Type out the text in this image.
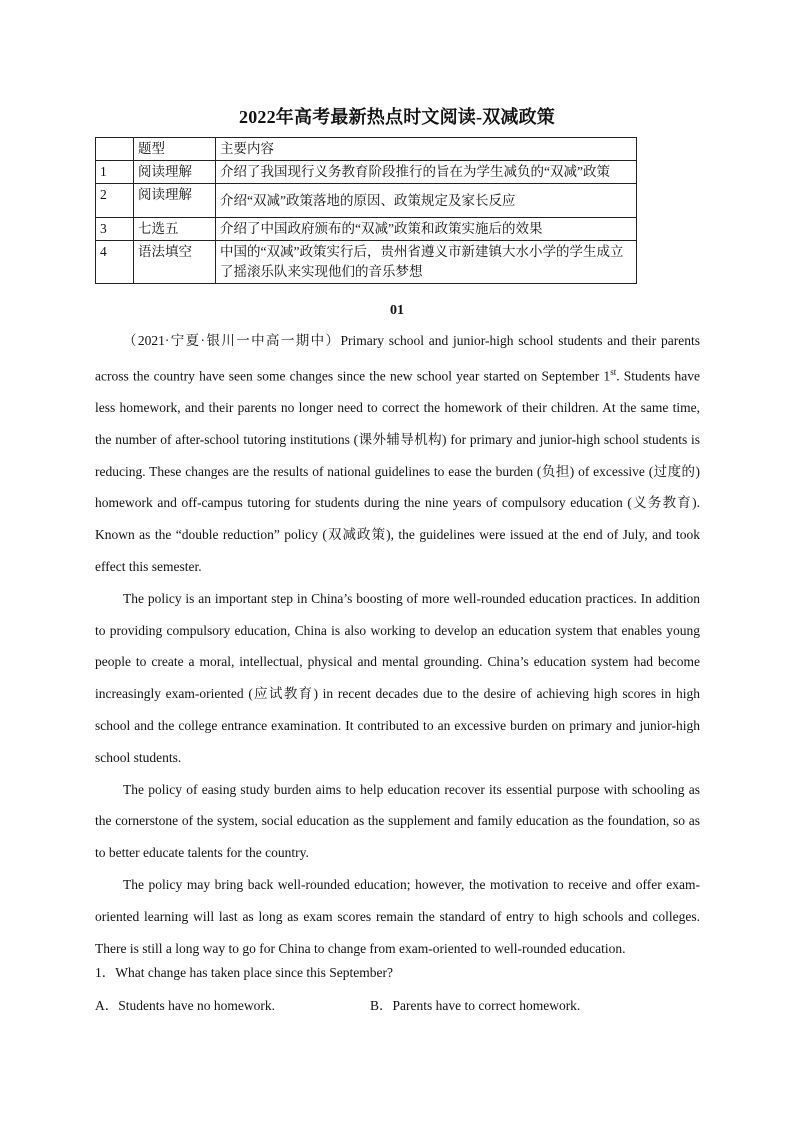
2022年高考最新热点时文阅读-双减政策
	题型	主要内容
1	阅读理解	介绍了我国现行义务教育阶段推行的旨在为学生减负的“双减”政策
2	阅读理解	介绍“双减”政策落地的原因、政策规定及家长反应
3	七选五	介绍了中国政府颁布的“双减”政策和政策实施后的效果
4	语法填空	中国的“双减”政策实行后，贵州省遵义市新建镇大水小学的学生成立了摇滚乐队来实现他们的音乐梦想
01

（2021·宁夏·银川一中高一期中）Primary school and junior-high school students and their parents across the country have seen some changes since the new school year started on September 1st. Students have less homework, and their parents no longer need to correct the homework of their children. At the same time, the number of after-school tutoring institutions (课外辅导机构) for primary and junior-high school students is reducing. These changes are the results of national guidelines to ease the burden (负担) of excessive (过度的) homework and off-campus tutoring for students during the nine years of compulsory education (义务教育). Known as the “double reduction” policy (双减政策), the guidelines were issued at the end of July, and took effect this semester.

The policy is an important step in China’s boosting of more well-rounded education practices. In addition to providing compulsory education, China is also working to develop an education system that enables young people to create a moral, intellectual, physical and mental grounding. China’s education system had become increasingly exam-oriented (应试教育) in recent decades due to the desire of achieving high scores in high school and the college entrance examination. It contributed to an excessive burden on primary and junior-high school students.

The policy of easing study burden aims to help education recover its essential purpose with schooling as the cornerstone of the system, social education as the supplement and family education as the foundation, so as to better educate talents for the country.

The policy may bring back well-rounded education; however, the motivation to receive and offer exam-oriented learning will last as long as exam scores remain the standard of entry to high schools and colleges. There is still a long way to go for China to change from exam-oriented to well-rounded education.

1．What change has taken place since this September?
A．Students have no homework.	B．Parents have to correct homework.
